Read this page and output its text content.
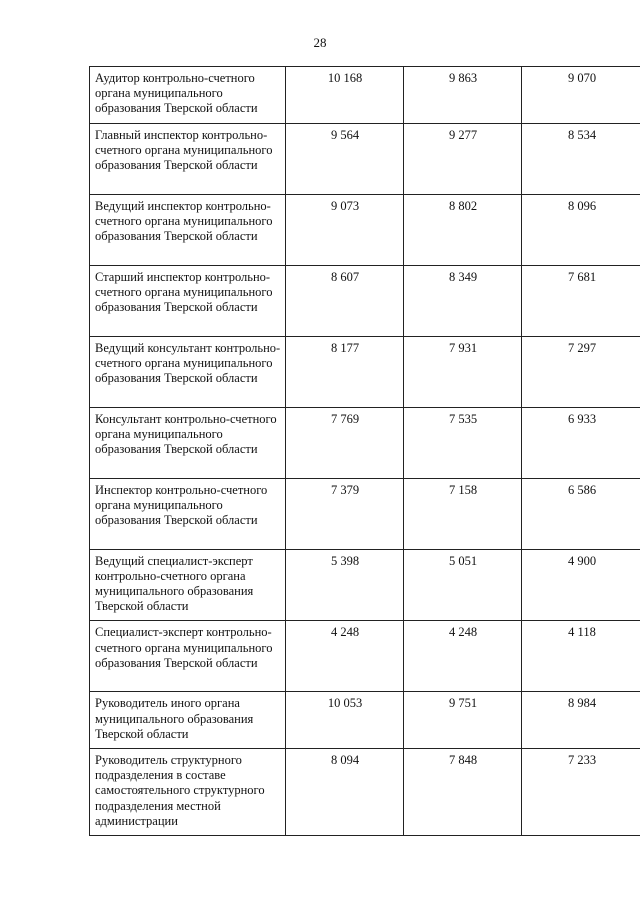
28
Аудитор контрольно-счетного органа муниципального образования Тверской области	10 168	9 863	9 070
Главный инспектор контрольно-счетного органа муниципального образования Тверской области	9 564	9 277	8 534
Ведущий инспектор контрольно-счетного органа муниципального образования Тверской области	9 073	8 802	8 096
Старший инспектор контрольно-счетного органа муниципального образования Тверской области	8 607	8 349	7 681
Ведущий консультант контрольно-счетного органа муниципального образования Тверской области	8 177	7 931	7 297
Консультант контрольно-счетного органа муниципального образования Тверской области	7 769	7 535	6 933
Инспектор контрольно-счетного органа муниципального образования Тверской области	7 379	7 158	6 586
Ведущий специалист-эксперт контрольно-счетного органа муниципального образования Тверской области	5 398	5 051	4 900
Специалист-эксперт контрольно-счетного органа муниципального образования Тверской области	4 248	4 248	4 118
Руководитель иного органа муниципального образования Тверской области	10 053	9 751	8 984
Руководитель структурного подразделения в составе самостоятельного структурного подразделения местной администрации	8 094	7 848	7 233
